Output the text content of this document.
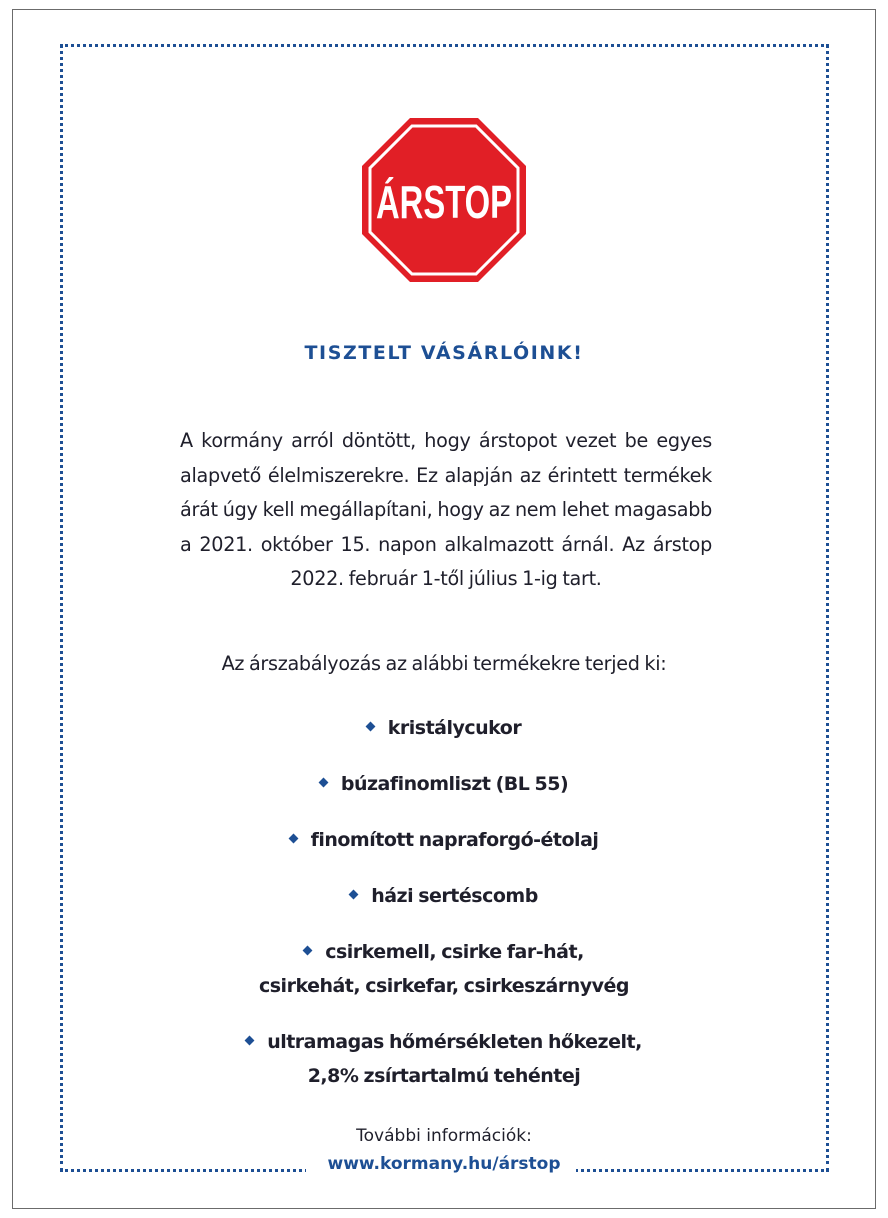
ÁRSTOP
TISZTELT VÁSÁRLÓINK!
A kormány arról döntött, hogy árstopot vezet be egyes alapvető élelmiszerekre. Ez alapján az érintett termékek árát úgy kell megállapítani, hogy az nem lehet magasabb a 2021. október 15. napon alkalmazott árnál. Az árstop 2022. február 1-től július 1-ig tart.
Az árszabályozás az alábbi termékekre terjed ki:
kristálycukor
búzafinomliszt (BL 55)
finomított napraforgó-étolaj
házi sertéscomb
csirkemell, csirke far-hát,
csirkehát, csirkefar, csirkeszárnyvég
ultramagas hőmérsékleten hőkezelt,
2,8% zsírtartalmú tehéntej
További információk:
www.kormany.hu/árstop
